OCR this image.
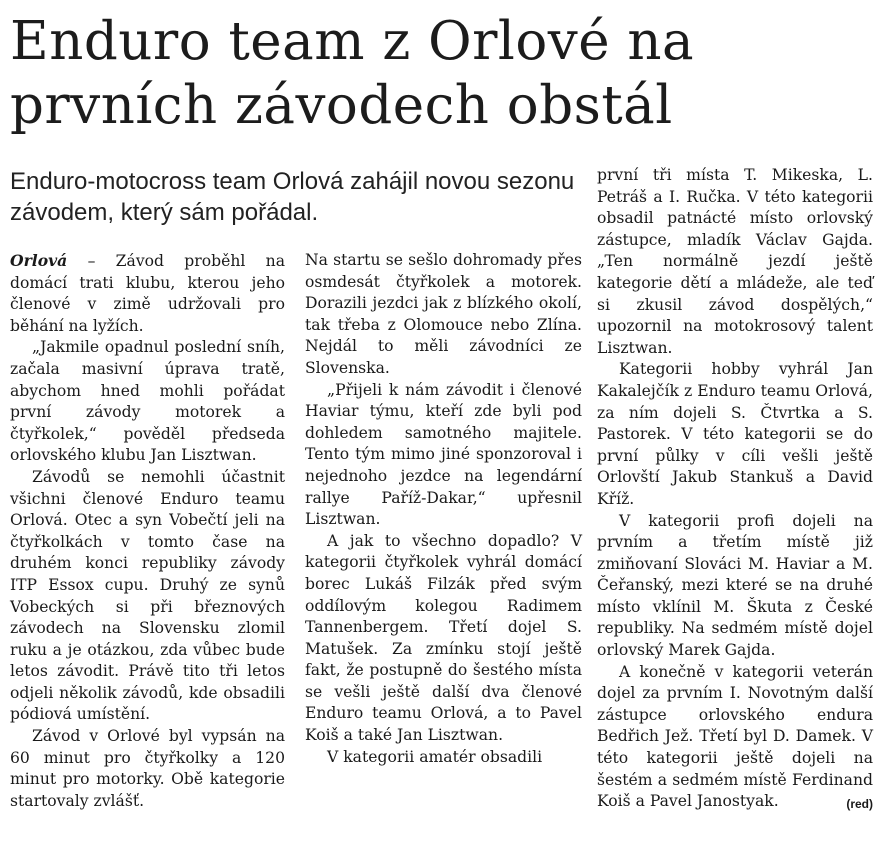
Enduro team z Orlové na prvních závodech obstál

Enduro-motocross team Orlová zahájil novou sezonu závodem, který sám pořádal.

Orlová – Závod proběhl na domácí trati klubu, kterou jeho členové v zimě udržovali pro běhání na lyžích.

„Jakmile opadnul poslední sníh, začala masivní úprava tratě, abychom hned mohli pořádat první závody motorek a čtyřkolek,“ pověděl předseda orlovského klubu Jan Lisztwan.

Závodů se nemohli účastnit všichni členové Enduro teamu Orlová. Otec a syn Vobečtí jeli na čtyřkolkách v tomto čase na druhém konci republiky závody ITP Essox cupu. Druhý ze synů Vobeckých si při březnových závodech na Slovensku zlomil ruku a je otázkou, zda vůbec bude letos závodit. Právě tito tři letos odjeli několik závodů, kde obsadili pódiová umístění.

Závod v Orlové byl vypsán na 60 minut pro čtyřkolky a 120 minut pro motorky. Obě kategorie startovaly zvlášť.

Na startu se sešlo dohromady přes osmdesát čtyřkolek a motorek. Dorazili jezdci jak z blízkého okolí, tak třeba z Olomouce nebo Zlína. Nejdál to měli závodníci ze Slovenska.

„Přijeli k nám závodit i členové Haviar týmu, kteří zde byli pod dohledem samotného majitele. Tento tým mimo jiné sponzoroval i nejednoho jezdce na legendární rallye Paříž-Dakar,“ upřesnil Lisztwan.

A jak to všechno dopadlo? V kategorii čtyřkolek vyhrál domácí borec Lukáš Filzák před svým oddílovým kolegou Radimem Tannenbergem. Třetí dojel S. Matušek. Za zmínku stojí ještě fakt, že postupně do šestého místa se vešli ještě další dva členové Enduro teamu Orlová, a to Pavel Koiš a také Jan Lisztwan.

V kategorii amatér obsadili

první tři místa T. Mikeska, L. Petráš a I. Ručka. V této kategorii obsadil patnácté místo orlovský zástupce, mladík Václav Gajda. „Ten normálně jezdí ještě kategorie dětí a mládeže, ale teď si zkusil závod dospělých,“ upozornil na motokrosový talent Lisztwan.

Kategorii hobby vyhrál Jan Kakalejčík z Enduro teamu Orlová, za ním dojeli S. Čtvrtka a S. Pastorek. V této kategorii se do první půlky v cíli vešli ještě Orlovští Jakub Stankuš a David Kříž.

V kategorii profi dojeli na prvním a třetím místě již zmiňovaní Slováci M. Haviar a M. Čeřanský, mezi které se na druhé místo vklínil M. Škuta z České republiky. Na sedmém místě dojel orlovský Marek Gajda.

A konečně v kategorii veterán dojel za prvním I. Novotným další zástupce orlovského endura Bedřich Jež. Třetí byl D. Damek. V této kategorii ještě dojeli na šestém a sedmém místě Ferdinand Koiš a Pavel Janostyak.	(red)
